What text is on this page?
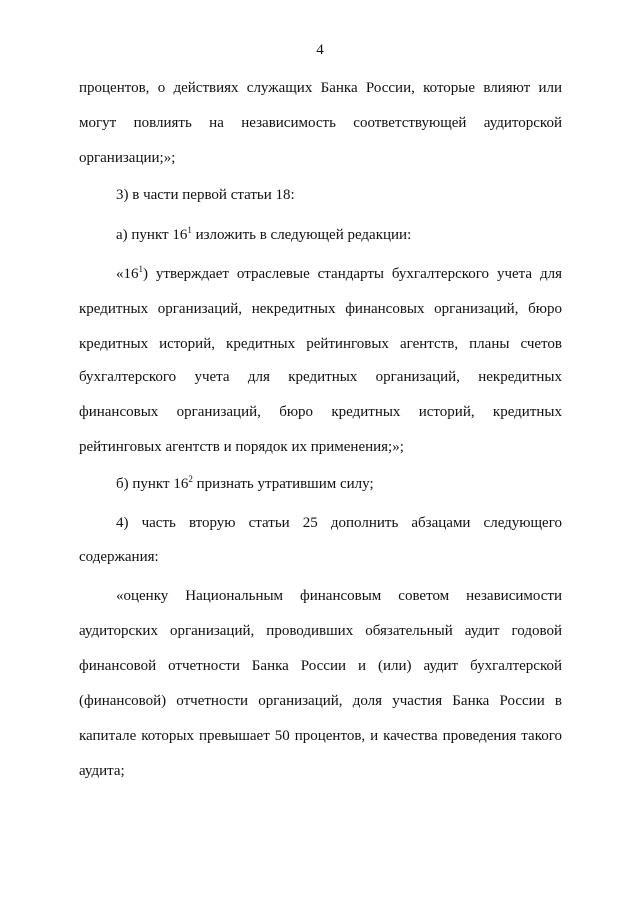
4
процентов, о действиях служащих Банка России, которые влияют или
могут повлиять на независимость соответствующей аудиторской
организации;»;
3) в части первой статьи 18:
а) пункт $16^1$ изложить в следующей редакции:
«$16^1$) утверждает отраслевые стандарты бухгалтерского учета для
кредитных организаций, некредитных финансовых организаций, бюро
кредитных историй, кредитных рейтинговых агентств, планы счетов
бухгалтерского учета для кредитных организаций, некредитных
финансовых организаций, бюро кредитных историй, кредитных
рейтинговых агентств и порядок их применения;»;
б) пункт $16^2$ признать утратившим силу;
4) часть вторую статьи 25 дополнить абзацами следующего
содержания:
«оценку Национальным финансовым советом независимости
аудиторских организаций, проводивших обязательный аудит годовой
финансовой отчетности Банка России и (или) аудит бухгалтерской
(финансовой) отчетности организаций, доля участия Банка России в
капитале которых превышает 50 процентов, и качества проведения такого
аудита;
